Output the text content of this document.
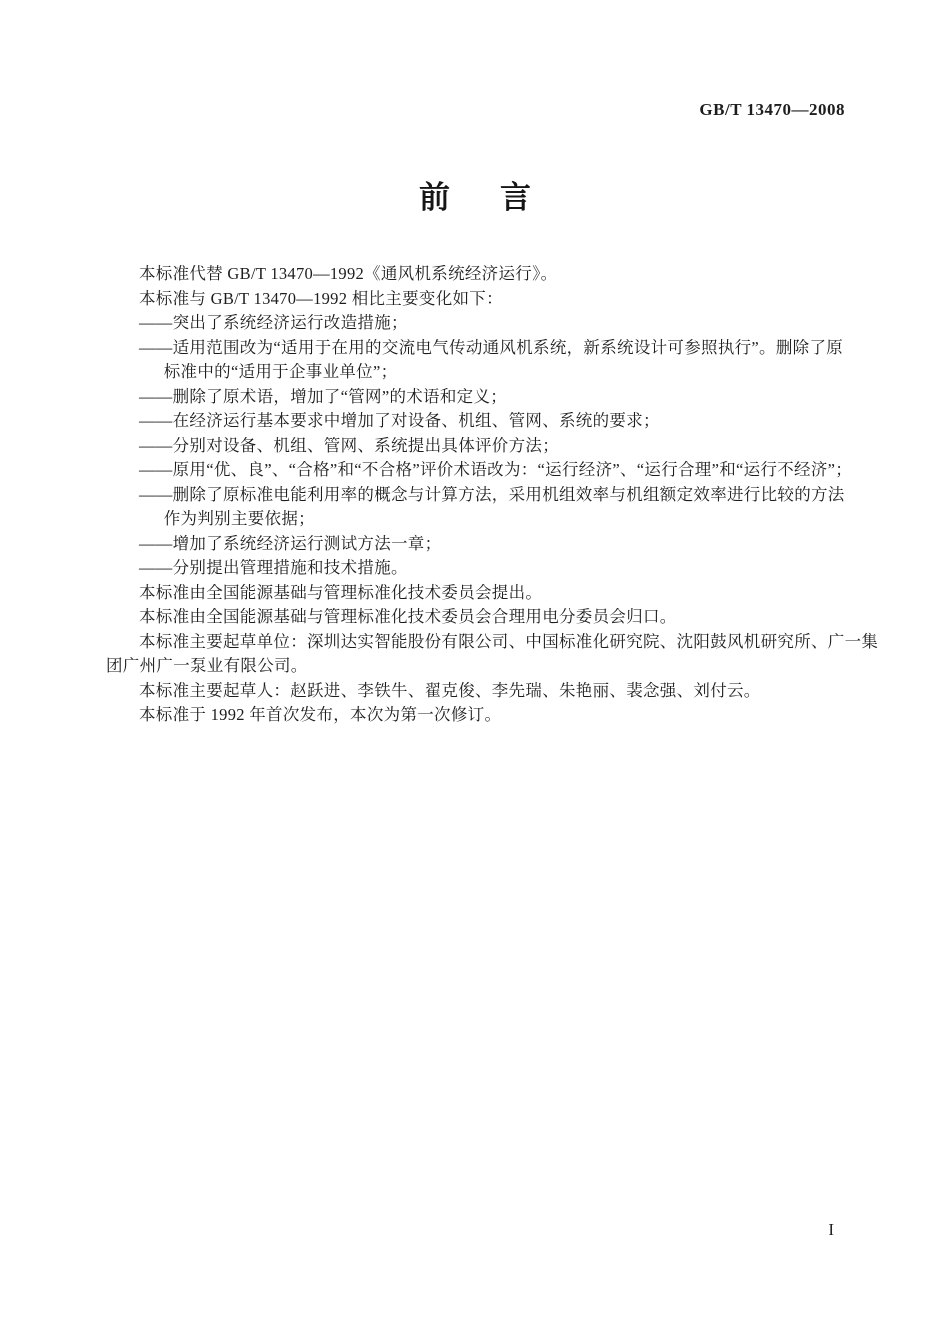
GB/T 13470—2008
前 言
本标准代替 GB/T 13470—1992《通风机系统经济运行》。
本标准与 GB/T 13470—1992 相比主要变化如下：
——突出了系统经济运行改造措施；
——适用范围改为“适用于在用的交流电气传动通风机系统，新系统设计可参照执行”。删除了原
标准中的“适用于企事业单位”；
——删除了原术语，增加了“管网”的术语和定义；
——在经济运行基本要求中增加了对设备、机组、管网、系统的要求；
——分别对设备、机组、管网、系统提出具体评价方法；
——原用“优、良”、“合格”和“不合格”评价术语改为：“运行经济”、“运行合理”和“运行不经济”；
——删除了原标准电能利用率的概念与计算方法，采用机组效率与机组额定效率进行比较的方法
作为判别主要依据；
——增加了系统经济运行测试方法一章；
——分别提出管理措施和技术措施。
本标准由全国能源基础与管理标准化技术委员会提出。
本标准由全国能源基础与管理标准化技术委员会合理用电分委员会归口。
本标准主要起草单位：深圳达实智能股份有限公司、中国标准化研究院、沈阳鼓风机研究所、广一集
团广州广一泵业有限公司。
本标准主要起草人：赵跃进、李铁牛、翟克俊、李先瑞、朱艳丽、裴念强、刘付云。
本标准于 1992 年首次发布，本次为第一次修订。
I
